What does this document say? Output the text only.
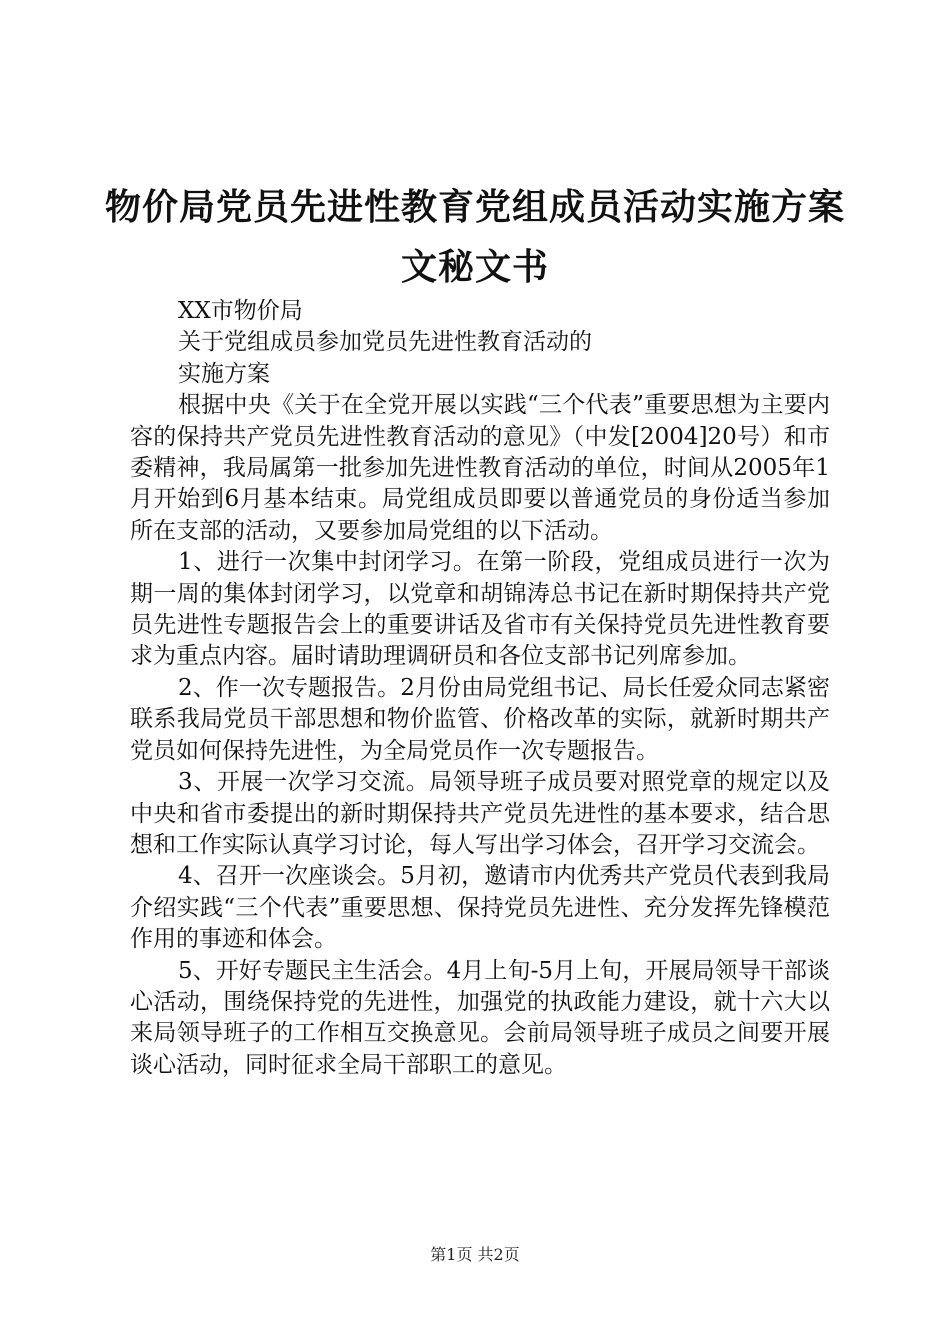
物价局党员先进性教育党组成员活动实施方案
文秘文书

XX市物价局

关于党组成员参加党员先进性教育活动的

实施方案

根据中央《关于在全党开展以实践“三个代表”重要思想为主要内容的保持共产党员先进性教育活动的意见》（中发[2004]20号）和市委精神，我局属第一批参加先进性教育活动的单位，时间从2005年1月开始到6月基本结束。局党组成员即要以普通党员的身份适当参加所在支部的活动，又要参加局党组的以下活动。

1、进行一次集中封闭学习。在第一阶段，党组成员进行一次为期一周的集体封闭学习，以党章和胡锦涛总书记在新时期保持共产党员先进性专题报告会上的重要讲话及省市有关保持党员先进性教育要求为重点内容。届时请助理调研员和各位支部书记列席参加。

2、作一次专题报告。2月份由局党组书记、局长任爱众同志紧密联系我局党员干部思想和物价监管、价格改革的实际，就新时期共产党员如何保持先进性，为全局党员作一次专题报告。

3、开展一次学习交流。局领导班子成员要对照党章的规定以及中央和省市委提出的新时期保持共产党员先进性的基本要求，结合思想和工作实际认真学习讨论，每人写出学习体会，召开学习交流会。

4、召开一次座谈会。5月初，邀请市内优秀共产党员代表到我局介绍实践“三个代表”重要思想、保持党员先进性、充分发挥先锋模范作用的事迹和体会。

5、开好专题民主生活会。4月上旬-5月上旬，开展局领导干部谈心活动，围绕保持党的先进性，加强党的执政能力建设，就十六大以来局领导班子的工作相互交换意见。会前局领导班子成员之间要开展谈心活动，同时征求全局干部职工的意见。

第1页 共2页
